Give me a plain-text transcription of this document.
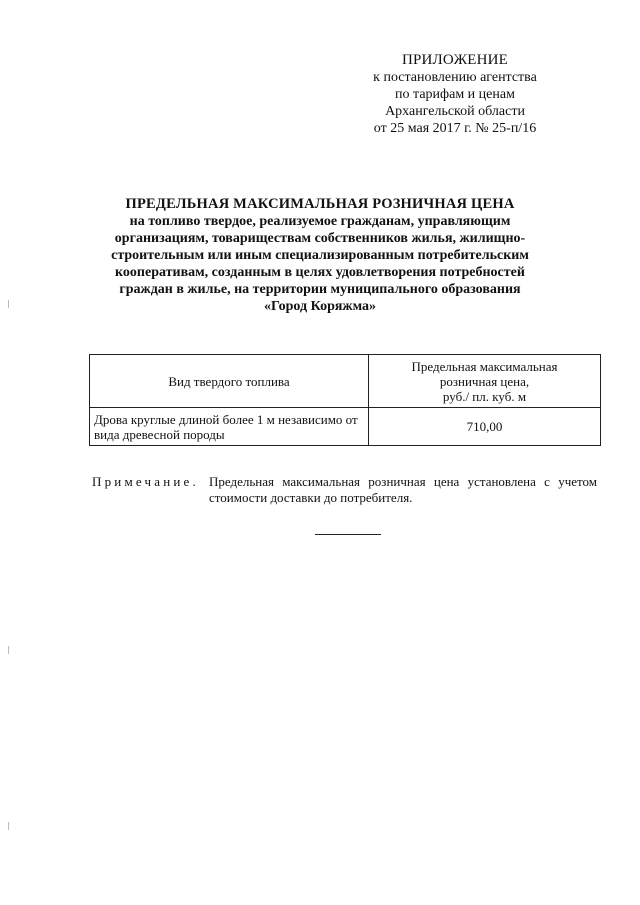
ПРИЛОЖЕНИЕ
к постановлению агентства
по тарифам и ценам
Архангельской области
от 25 мая 2017 г. № 25-п/16
ПРЕДЕЛЬНАЯ МАКСИМАЛЬНАЯ РОЗНИЧНАЯ ЦЕНА
на топливо твердое, реализуемое гражданам, управляющим
организациям, товариществам собственников жилья, жилищно-
строительным или иным специализированным потребительским
кооперативам, созданным в целях удовлетворения потребностей
граждан в жилье, на территории муниципального образования
«Город Коряжма»
Вид твердого топлива	Предельная максимальная
розничная цена,
руб./ пл. куб. м

Дрова круглые длиной более 1 м независимо от
вида древесной породы	710,00
Примечание. Предельная максимальная розничная цена установлена с учетом
стоимости доставки до потребителя.
